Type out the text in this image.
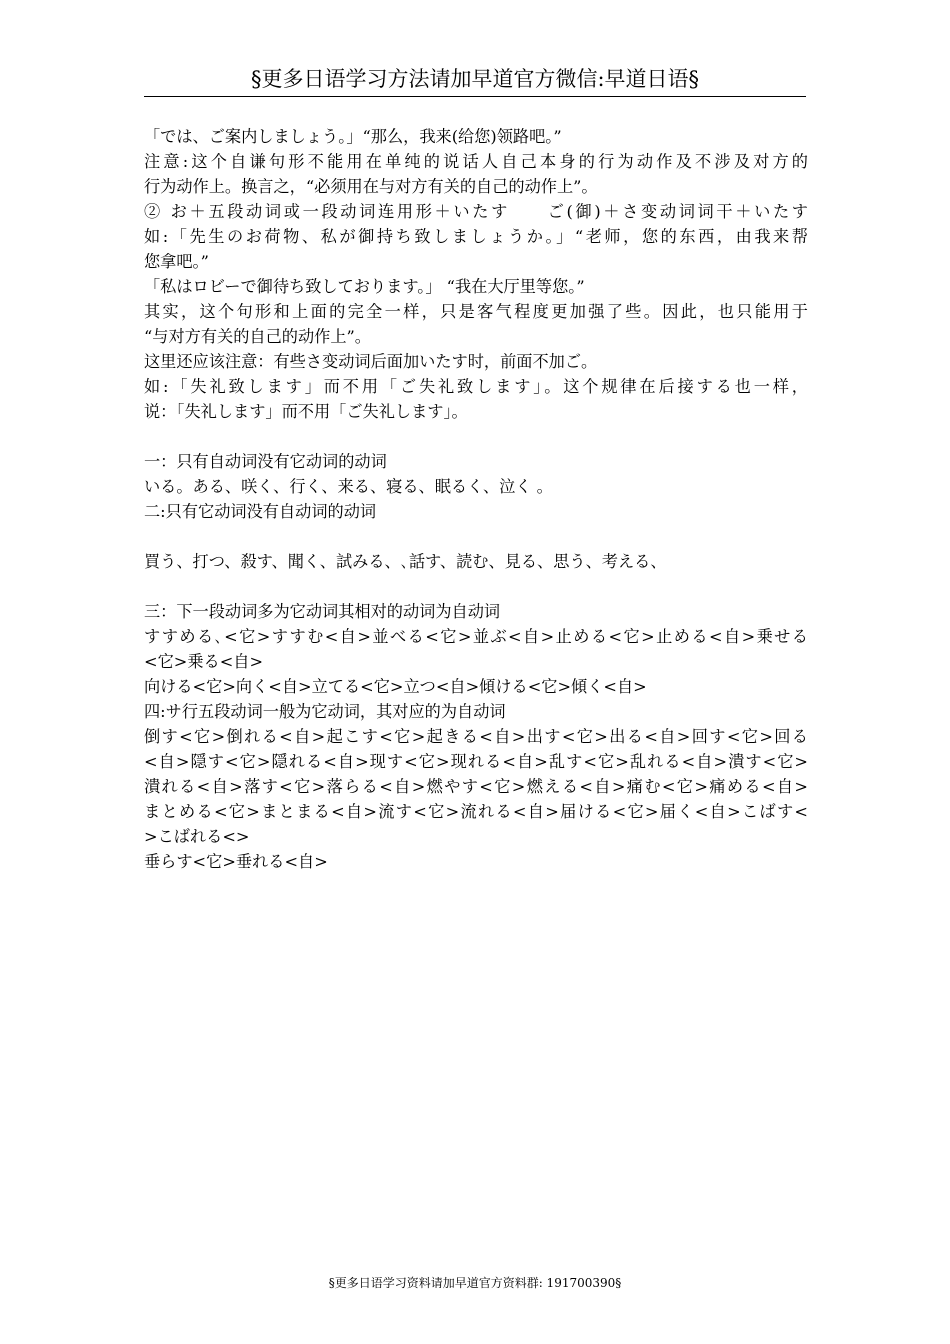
§更多日语学习方法请加早道官方微信:早道日语§
「では、ご案内しましょう。」“那么，我来(给您)领路吧。”
注意:这个自谦句形不能用在单纯的说话人自己本身的行为动作及不涉及对方的
行为动作上。换言之，“必须用在与对方有关的自己的动作上”。
② お＋五段动词或一段动词连用形＋いたす　　ご(御)＋さ变动词词干＋いたす
如:「先生のお荷物、私が御持ち致しましょうか。」“老师，您的东西，由我来帮
您拿吧。”
「私はロビーで御待ち致しております。」 “我在大厅里等您。”
其实，这个句形和上面的完全一样，只是客气程度更加强了些。因此，也只能用于
“与对方有关的自己的动作上”。
这里还应该注意：有些さ变动词后面加いたす时，前面不加ご。
如:「失礼致します」而不用「ご失礼致します」。这个规律在后接する也一样，
说：「失礼します」而不用「ご失礼します」。
一：只有自动词没有它动词的动词
いる。ある、咲く、行く、来る、寝る、眠るく、泣く 。
二:只有它动词没有自动词的动词
買う、打つ、殺す、聞く、試みる、､話す、読む、見る、思う、考える、
三：下一段动词多为它动词其相对的动词为自动词
すすめる､<它>すすむ<自>並べる<它>並ぶ<自>止める<它>止める<自>乗せる
<它>乗る<自>
向ける<它>向く<自>立てる<它>立つ<自>傾ける<它>傾く<自>
四:サ行五段动词一般为它动词，其对应的为自动词
倒す<它>倒れる<自>起こす<它>起きる<自>出す<它>出る<自>回す<它>回る
<自>隠す<它>隠れる<自>现す<它>现れる<自>乱す<它>乱れる<自>潰す<它>
潰れる<自>落す<它>落らる<自>燃やす<它>燃える<自>痛む<它>痛める<自>
まとめる<它>まとまる<自>流す<它>流れる<自>届ける<它>届く<自>こばす<
>こばれる<>
垂らす<它>垂れる<自>
§更多日语学习资料请加早道官方资料群: 191700390§
